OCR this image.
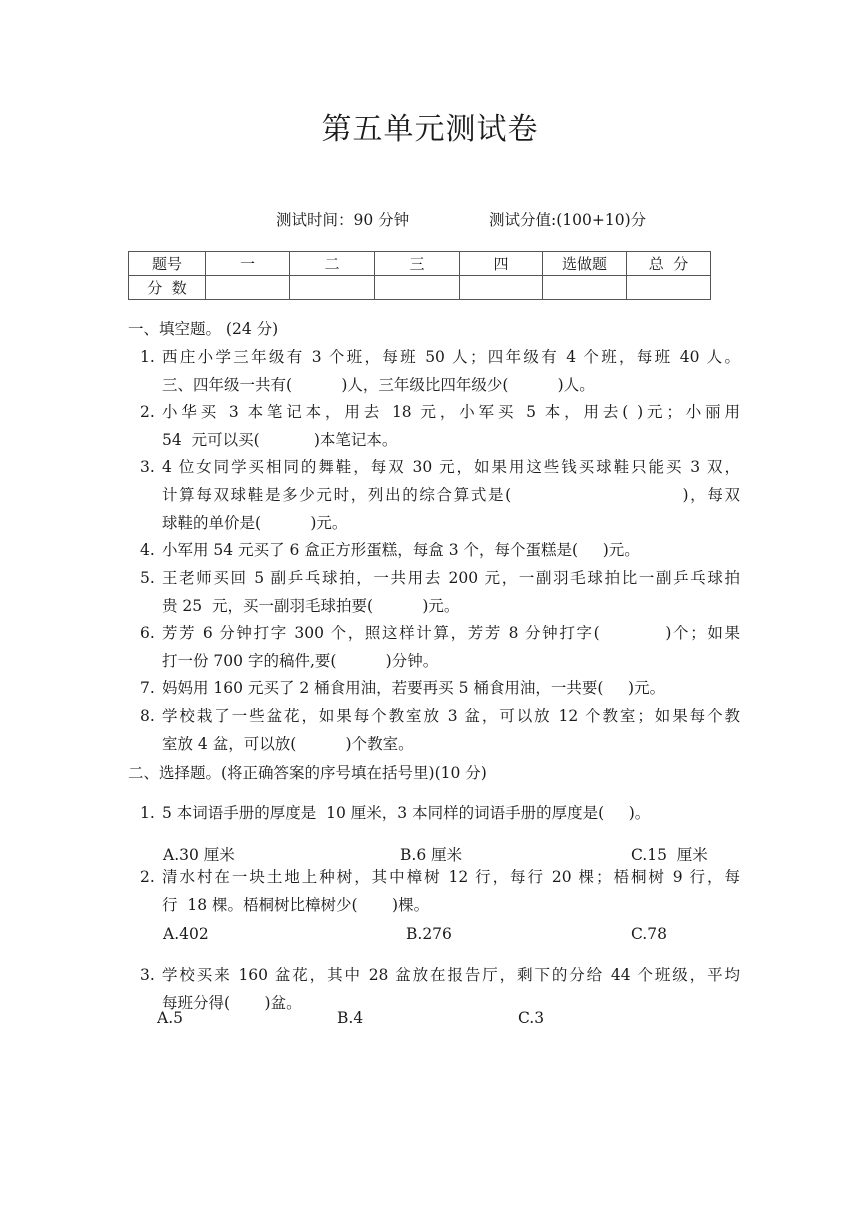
第五单元测试卷
测试时间：90 分钟	测试分值:(100+10)分
题号	一	二	三	四	选做题	总  分
分  数						
一、填空题。 (24 分)
1. 西庄小学三年级有 3 个班，每班 50 人；四年级有 4 个班，每班 40 人。
三、四年级一共有(          )人，三年级比四年级少(          )人。
2. 小华买 3 本笔记本，用去 18 元，小军买 5 本，用去( )元；小丽用
54  元可以买(           )本笔记本。
3. 4 位女同学买相同的舞鞋，每双 30 元，如果用这些钱买球鞋只能买 3 双，
计算每双球鞋是多少元时，列出的综合算式是(                          )，每双
球鞋的单价是(          )元。
4. 小军用 54 元买了 6 盒正方形蛋糕，每盒 3 个，每个蛋糕是(     )元。
5. 王老师买回 5 副乒乓球拍，一共用去 200 元，一副羽毛球拍比一副乒乓球拍
贵 25  元，买一副羽毛球拍要(          )元。
6. 芳芳 6 分钟打字 300 个，照这样计算，芳芳 8 分钟打字(          )个；如果
打一份 700 字的稿件,要(          )分钟。
7. 妈妈用 160 元买了 2 桶食用油，若要再买 5 桶食用油，一共要(     )元。
8. 学校栽了一些盆花，如果每个教室放 3 盆，可以放 12 个教室；如果每个教
室放 4 盆，可以放(          )个教室。
二、选择题。(将正确答案的序号填在括号里)(10 分)
1. 5 本词语手册的厚度是  10 厘米，3 本同样的词语手册的厚度是(     )。
A.30 厘米	B.6 厘米	C.15  厘米
2. 清水村在一块土地上种树，其中樟树 12 行，每行 20 棵；梧桐树 9 行，每
行  18 棵。梧桐树比樟树少(       )棵。
A.402	B.276	C.78
3. 学校买来 160 盆花，其中 28 盆放在报告厅，剩下的分给 44 个班级，平均
每班分得(       )盆。
A.5	B.4	C.3
